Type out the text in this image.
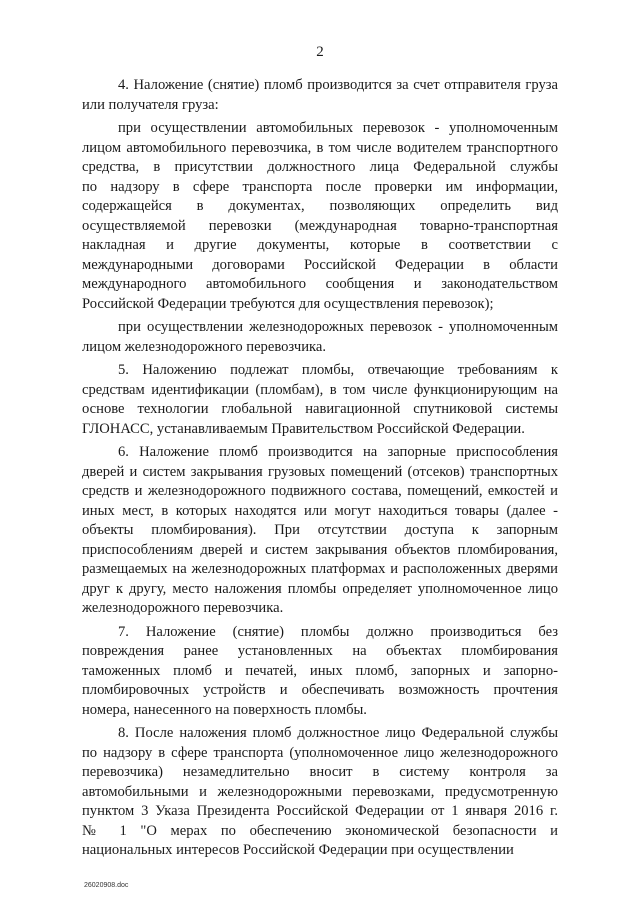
2

4. Наложение (снятие) пломб производится за счет отправителя груза
или получателя груза:

при осуществлении автомобильных перевозок - уполномоченным
лицом автомобильного перевозчика, в том числе водителем транспортного
средства, в присутствии должностного лица Федеральной службы
по надзору в сфере транспорта после проверки им информации,
содержащейся в документах, позволяющих определить вид
осуществляемой перевозки (международная товарно-транспортная
накладная и другие документы, которые в соответствии с
международными договорами Российской Федерации в области
международного автомобильного сообщения и законодательством
Российской Федерации требуются для осуществления перевозок);

при осуществлении железнодорожных перевозок - уполномоченным
лицом железнодорожного перевозчика.

5. Наложению подлежат пломбы, отвечающие требованиям к
средствам идентификации (пломбам), в том числе функционирующим на
основе технологии глобальной навигационной спутниковой системы
ГЛОНАСС, устанавливаемым Правительством Российской Федерации.

6. Наложение пломб производится на запорные приспособления
дверей и систем закрывания грузовых помещений (отсеков) транспортных
средств и железнодорожного подвижного состава, помещений, емкостей и
иных мест, в которых находятся или могут находиться товары (далее -
объекты пломбирования). При отсутствии доступа к запорным
приспособлениям дверей и систем закрывания объектов пломбирования,
размещаемых на железнодорожных платформах и расположенных дверями
друг к другу, место наложения пломбы определяет уполномоченное лицо
железнодорожного перевозчика.

7. Наложение (снятие) пломбы должно производиться без
повреждения ранее установленных на объектах пломбирования
таможенных пломб и печатей, иных пломб, запорных и запорно-
пломбировочных устройств и обеспечивать возможность прочтения
номера, нанесенного на поверхность пломбы.

8. После наложения пломб должностное лицо Федеральной службы
по надзору в сфере транспорта (уполномоченное лицо железнодорожного
перевозчика) незамедлительно вносит в систему контроля за
автомобильными и железнодорожными перевозками, предусмотренную
пунктом 3 Указа Президента Российской Федерации от 1 января 2016 г.
№ 1 "О мерах по обеспечению экономической безопасности и
национальных интересов Российской Федерации при осуществлении

26020908.doc
